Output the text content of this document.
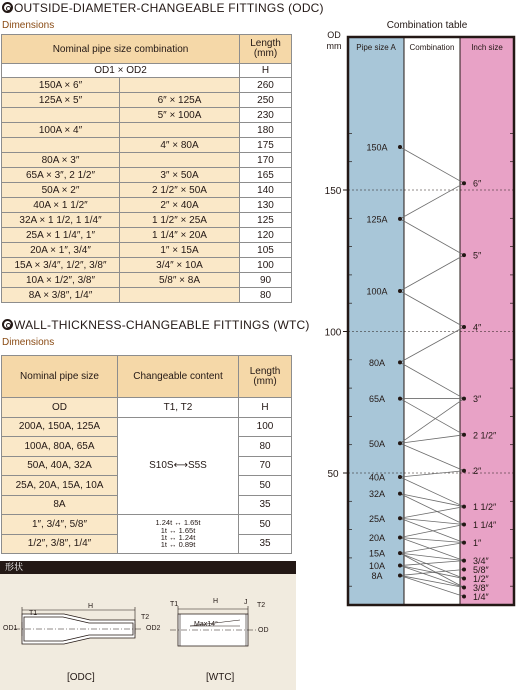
OUTSIDE-DIAMETER-CHANGEABLE FITTINGS (ODC)
Dimensions
Nominal pipe size combination		Length
(mm)
OD1 × OD2		H
150A × 6″		260
125A × 5″	6″ × 125A	250
	5″ × 100A	230
100A × 4″		180
	4″ × 80A	175
80A × 3″		170
65A × 3″, 2 1/2″	3″ × 50A	165
50A × 2″	2 1/2″ × 50A	140
40A × 1 1/2″	2″ × 40A	130
32A × 1 1/2, 1 1/4″	1 1/2″ × 25A	125
25A × 1 1/4″, 1″	1 1/4″ × 20A	120
20A × 1″, 3/4″	1″ × 15A	105
15A × 3/4″, 1/2″, 3/8″	3/4″ × 10A	100
10A × 1/2″, 3/8″	5/8″ × 8A	90
8A × 3/8″, 1/4″		80
WALL-THICKNESS-CHANGEABLE FITTINGS (WTC)
Dimensions
Nominal pipe size	Changeable content	Length
(mm)
OD	T1, T2	H
200A, 150A, 125A	S10S⟷S5S	100
100A, 80A, 65A		80
50A, 40A, 32A		70
25A, 20A, 15A, 10A		50
8A		35
1″, 3/4″, 5/8″	1.24t ↔ 1.65t
1t ↔ 1.65t
1t ↔ 1.24t
1t ↔ 0.89t	50
1/2″, 3/8″, 1/4″		35
形状
T1
H
T2
OD1	OD2
T1	H	J T2
Max14°
OD
[ODC]	[WTC]
Combination table
OD
mm Pipe size A Combination Inch size
150
100
50
150A
125A
100A
80A
65A
50A
40A
32A
25A
20A
15A
10A
8A
6″
5″
4″
3″
2 1/2″
2″
1 1/2″
1 1/4″
1″
3/4″
5/8″
1/2″
3/8″
1/4″
